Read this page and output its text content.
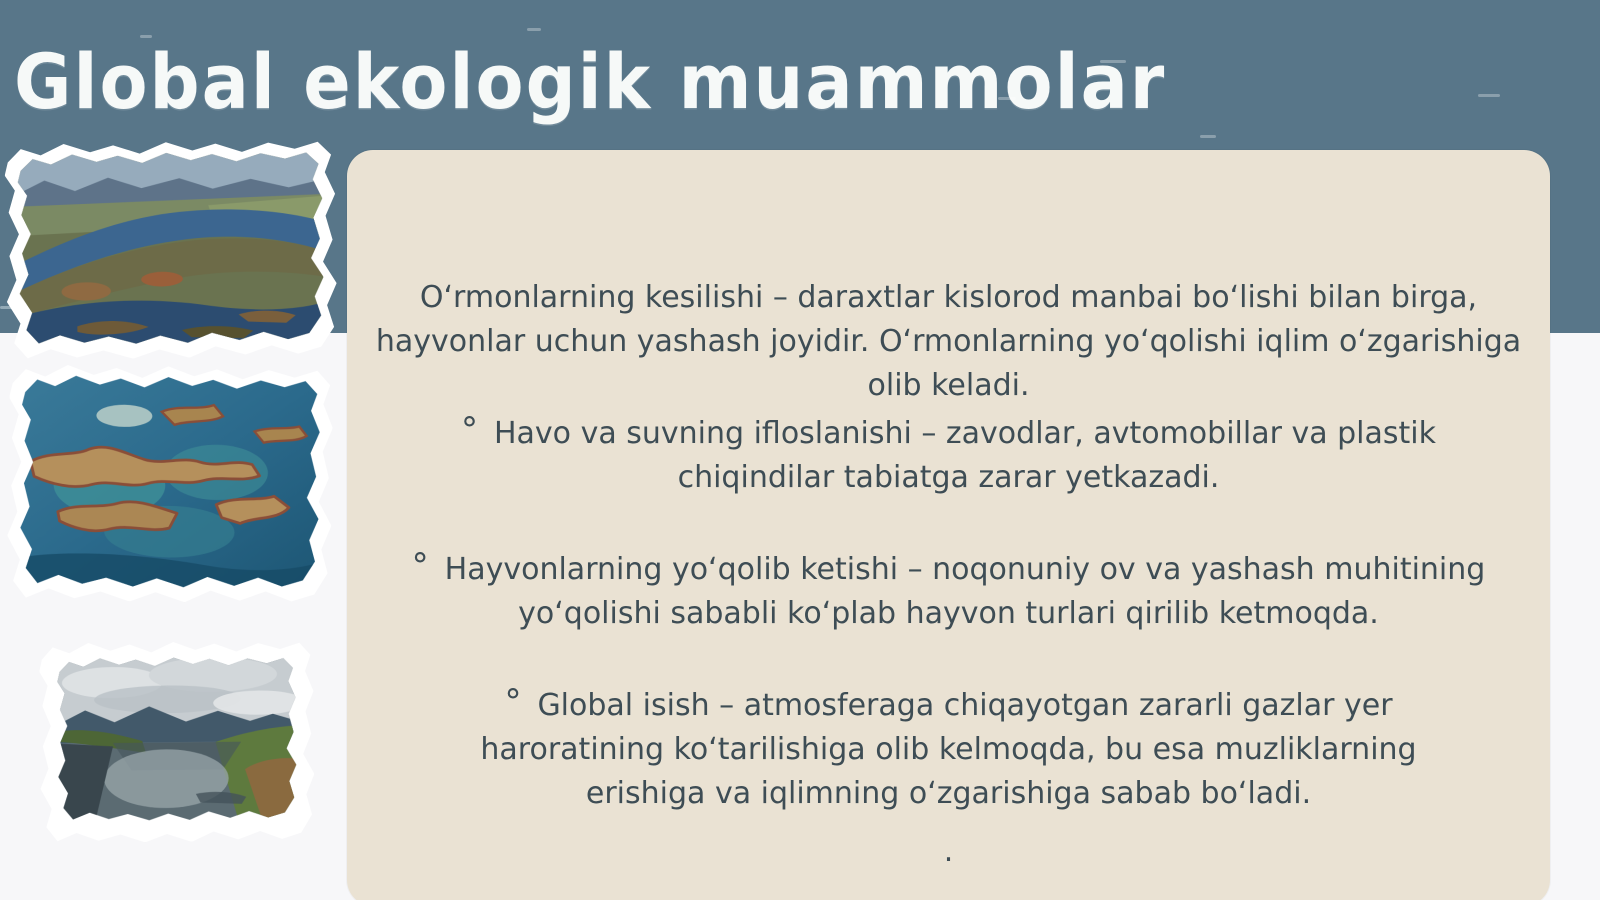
Global ekologik muammolar

O‘rmonlarning kesilishi – daraxtlar kislorod manbai bo‘lishi bilan birga, hayvonlar uchun yashash joyidir. O‘rmonlarning yo‘qolishi iqlim o‘zgarishiga olib keladi.

° Havo va suvning ifloslanishi – zavodlar, avtomobillar va plastik chiqindilar tabiatga zarar yetkazadi.

° Hayvonlarning yo‘qolib ketishi – noqonuniy ov va yashash muhitining yo‘qolishi sababli ko‘plab hayvon turlari qirilib ketmoqda.

° Global isish – atmosferaga chiqayotgan zararli gazlar yer haroratining ko‘tarilishiga olib kelmoqda, bu esa muzliklarning erishiga va iqlimning o‘zgarishiga sabab bo‘ladi.

.
